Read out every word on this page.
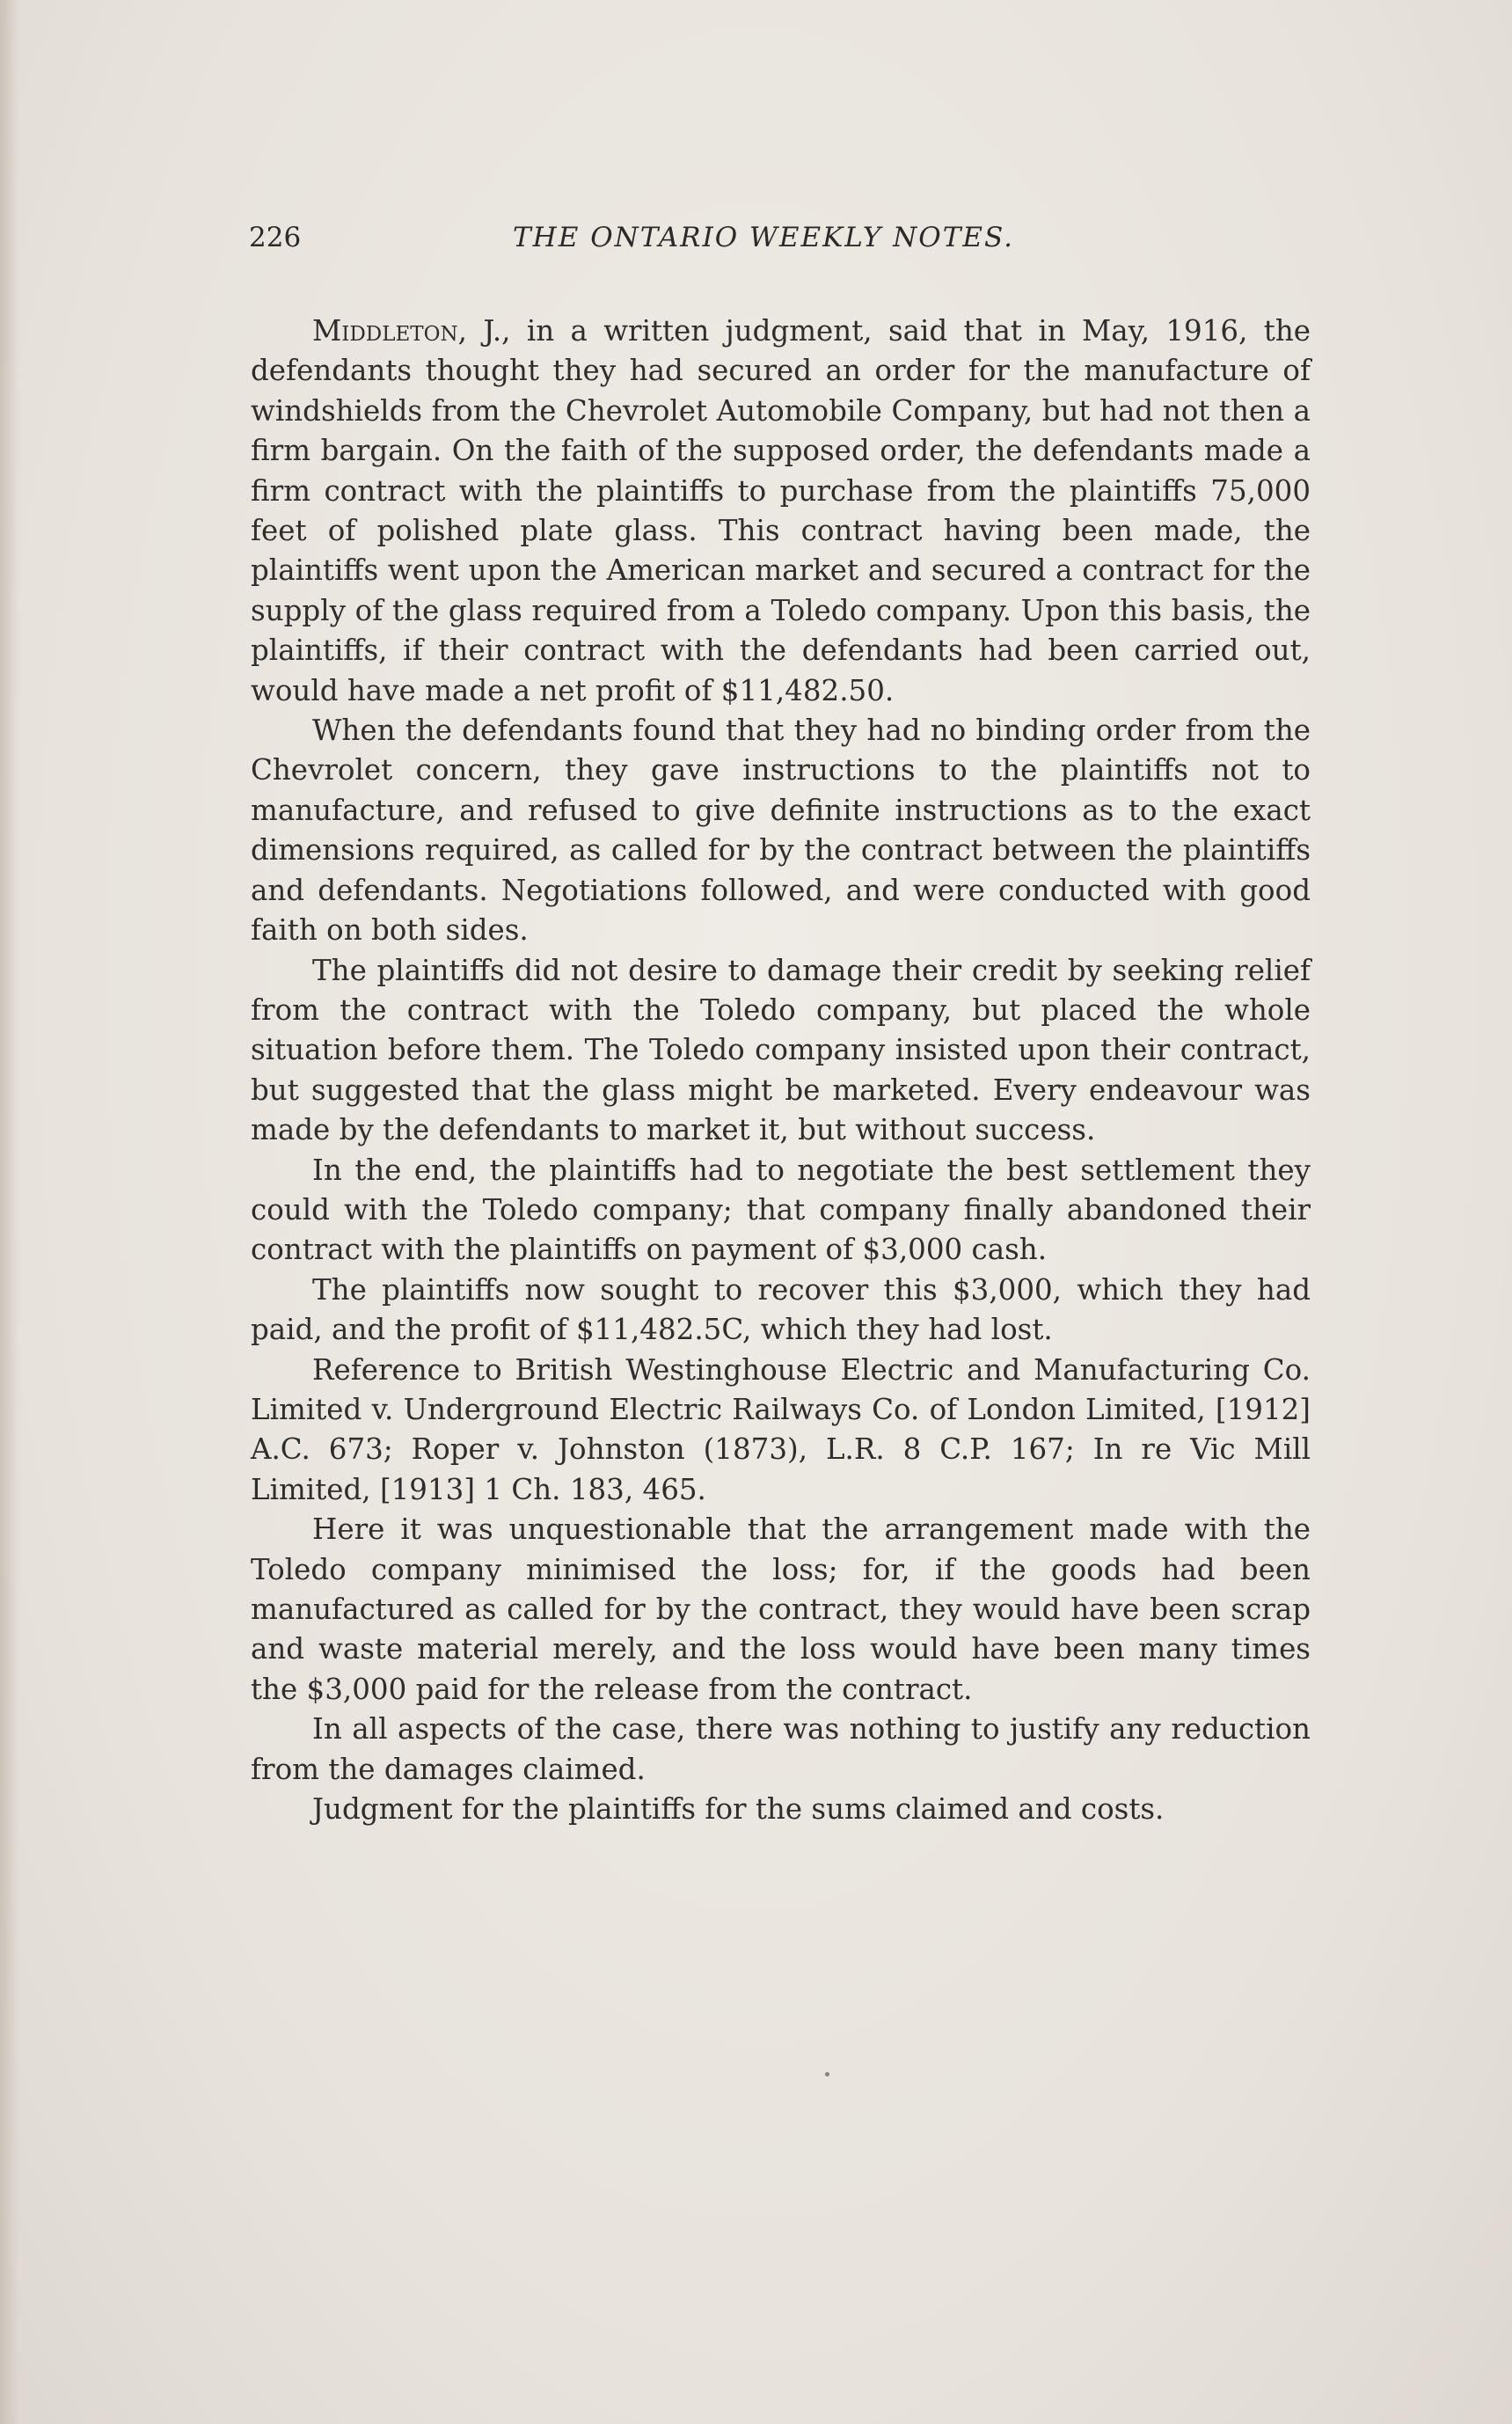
226	THE ONTARIO WEEKLY NOTES.

Middleton, J., in a written judgment, said that in May, 1916, the defendants thought they had secured an order for the manufacture of windshields from the Chevrolet Automobile Company, but had not then a firm bargain. On the faith of the supposed order, the defendants made a firm contract with the plaintiffs to purchase from the plaintiffs 75,000 feet of polished plate glass. This contract having been made, the plaintiffs went upon the American market and secured a contract for the supply of the glass required from a Toledo company. Upon this basis, the plaintiffs, if their contract with the defendants had been carried out, would have made a net profit of $11,482.50.

When the defendants found that they had no binding order from the Chevrolet concern, they gave instructions to the plaintiffs not to manufacture, and refused to give definite instructions as to the exact dimensions required, as called for by the contract between the plaintiffs and defendants. Negotiations followed, and were conducted with good faith on both sides.

The plaintiffs did not desire to damage their credit by seeking relief from the contract with the Toledo company, but placed the whole situation before them. The Toledo company insisted upon their contract, but suggested that the glass might be marketed. Every endeavour was made by the defendants to market it, but without success.

In the end, the plaintiffs had to negotiate the best settlement they could with the Toledo company; that company finally abandoned their contract with the plaintiffs on payment of $3,000 cash.

The plaintiffs now sought to recover this $3,000, which they had paid, and the profit of $11,482.5C, which they had lost.

Reference to British Westinghouse Electric and Manufacturing Co. Limited v. Underground Electric Railways Co. of London Limited, [1912] A.C. 673; Roper v. Johnston (1873), L.R. 8 C.P. 167; In re Vic Mill Limited, [1913] 1 Ch. 183, 465.

Here it was unquestionable that the arrangement made with the Toledo company minimised the loss; for, if the goods had been manufactured as called for by the contract, they would have been scrap and waste material merely, and the loss would have been many times the $3,000 paid for the release from the contract.

In all aspects of the case, there was nothing to justify any reduction from the damages claimed.

Judgment for the plaintiffs for the sums claimed and costs.
